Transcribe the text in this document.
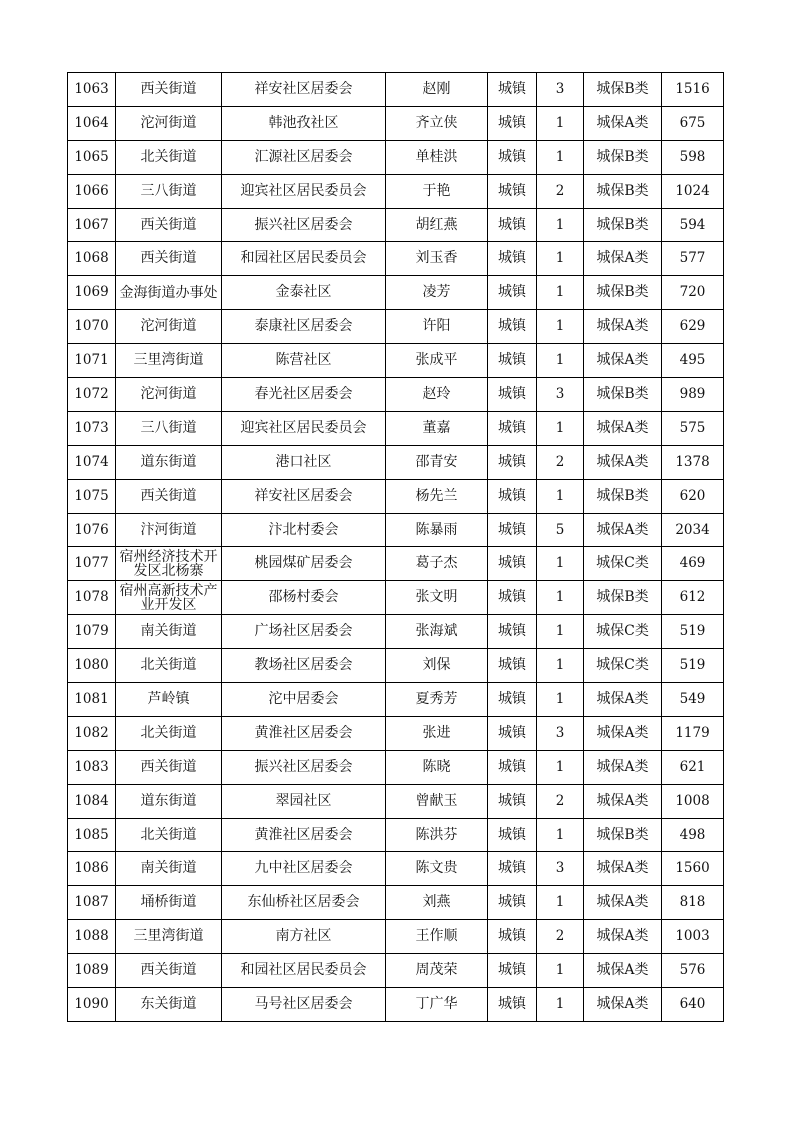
1063	西关街道	祥安社区居委会	赵刚	城镇	3	城保B类	1516
1064	沱河街道	韩池孜社区	齐立侠	城镇	1	城保A类	675
1065	北关街道	汇源社区居委会	单桂洪	城镇	1	城保B类	598
1066	三八街道	迎宾社区居民委员会	于艳	城镇	2	城保B类	1024
1067	西关街道	振兴社区居委会	胡红燕	城镇	1	城保B类	594
1068	西关街道	和园社区居民委员会	刘玉香	城镇	1	城保A类	577
1069	金海街道办事处	金泰社区	凌芳	城镇	1	城保B类	720
1070	沱河街道	泰康社区居委会	许阳	城镇	1	城保A类	629
1071	三里湾街道	陈营社区	张成平	城镇	1	城保A类	495
1072	沱河街道	春光社区居委会	赵玲	城镇	3	城保B类	989
1073	三八街道	迎宾社区居民委员会	董嘉	城镇	1	城保A类	575
1074	道东街道	港口社区	邵青安	城镇	2	城保A类	1378
1075	西关街道	祥安社区居委会	杨先兰	城镇	1	城保B类	620
1076	汴河街道	汴北村委会	陈暴雨	城镇	5	城保A类	2034
1077	宿州经济技术开发区北杨寨	桃园煤矿居委会	葛子杰	城镇	1	城保C类	469
1078	宿州高新技术产业开发区	邵杨村委会	张文明	城镇	1	城保B类	612
1079	南关街道	广场社区居委会	张海斌	城镇	1	城保C类	519
1080	北关街道	教场社区居委会	刘保	城镇	1	城保C类	519
1081	芦岭镇	沱中居委会	夏秀芳	城镇	1	城保A类	549
1082	北关街道	黄淮社区居委会	张进	城镇	3	城保A类	1179
1083	西关街道	振兴社区居委会	陈晓	城镇	1	城保A类	621
1084	道东街道	翠园社区	曾献玉	城镇	2	城保A类	1008
1085	北关街道	黄淮社区居委会	陈洪芬	城镇	1	城保B类	498
1086	南关街道	九中社区居委会	陈文贵	城镇	3	城保A类	1560
1087	埇桥街道	东仙桥社区居委会	刘燕	城镇	1	城保A类	818
1088	三里湾街道	南方社区	王作顺	城镇	2	城保A类	1003
1089	西关街道	和园社区居民委员会	周茂荣	城镇	1	城保A类	576
1090	东关街道	马号社区居委会	丁广华	城镇	1	城保A类	640
